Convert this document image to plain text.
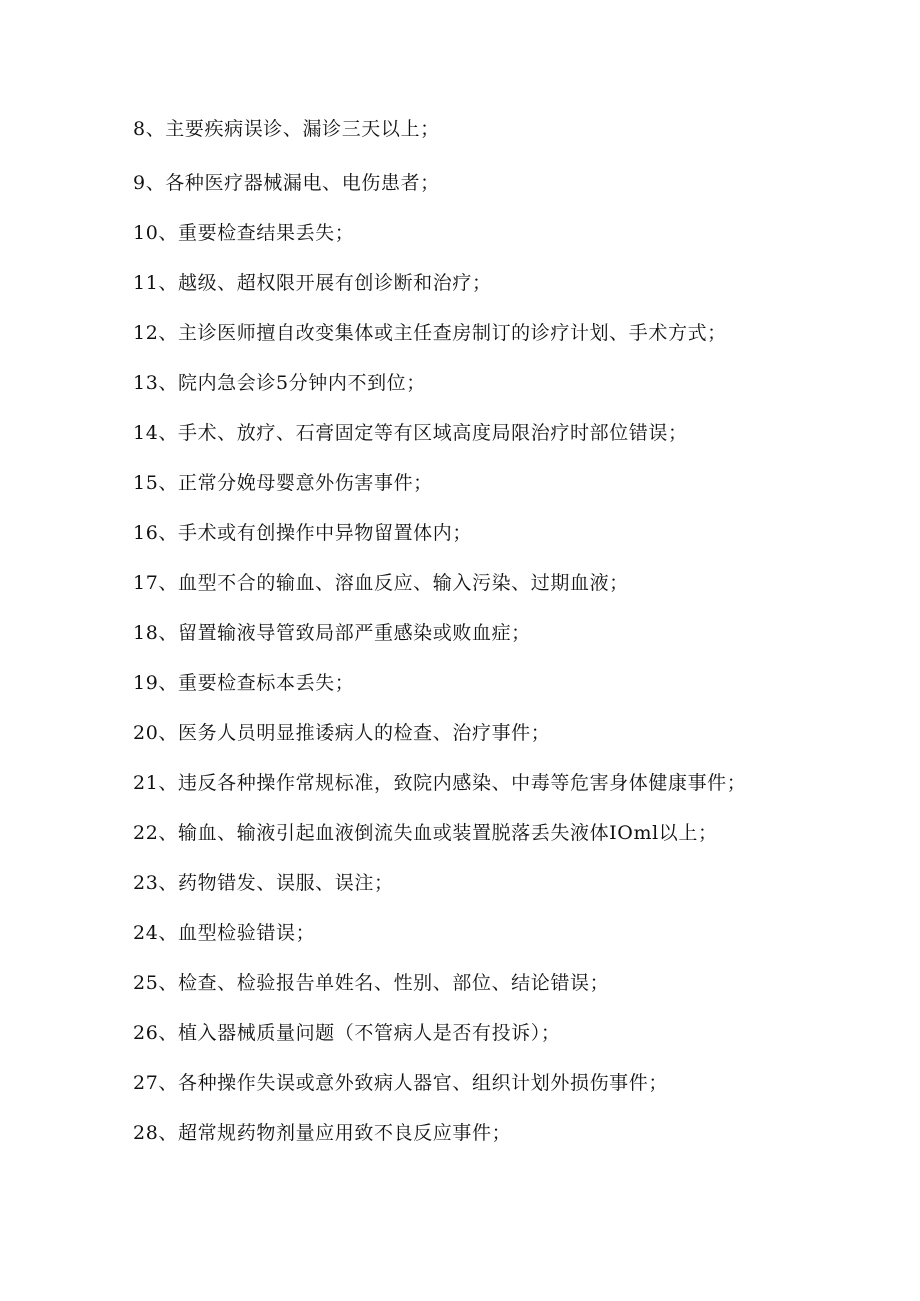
8、主要疾病误诊、漏诊三天以上；
9、各种医疗器械漏电、电伤患者；
10、重要检查结果丢失；
11、越级、超权限开展有创诊断和治疗；
12、主诊医师擅自改变集体或主任查房制订的诊疗计划、手术方式；
13、院内急会诊5分钟内不到位；
14、手术、放疗、石膏固定等有区域高度局限治疗时部位错误；
15、正常分娩母婴意外伤害事件；
16、手术或有创操作中异物留置体内；
17、血型不合的输血、溶血反应、输入污染、过期血液；
18、留置输液导管致局部严重感染或败血症；
19、重要检查标本丢失；
20、医务人员明显推诿病人的检查、治疗事件；
21、违反各种操作常规标准，致院内感染、中毒等危害身体健康事件；
22、输血、输液引起血液倒流失血或装置脱落丢失液体IOml以上；
23、药物错发、误服、误注；
24、血型检验错误；
25、检查、检验报告单姓名、性别、部位、结论错误；
26、植入器械质量问题（不管病人是否有投诉）；
27、各种操作失误或意外致病人器官、组织计划外损伤事件；
28、超常规药物剂量应用致不良反应事件；
